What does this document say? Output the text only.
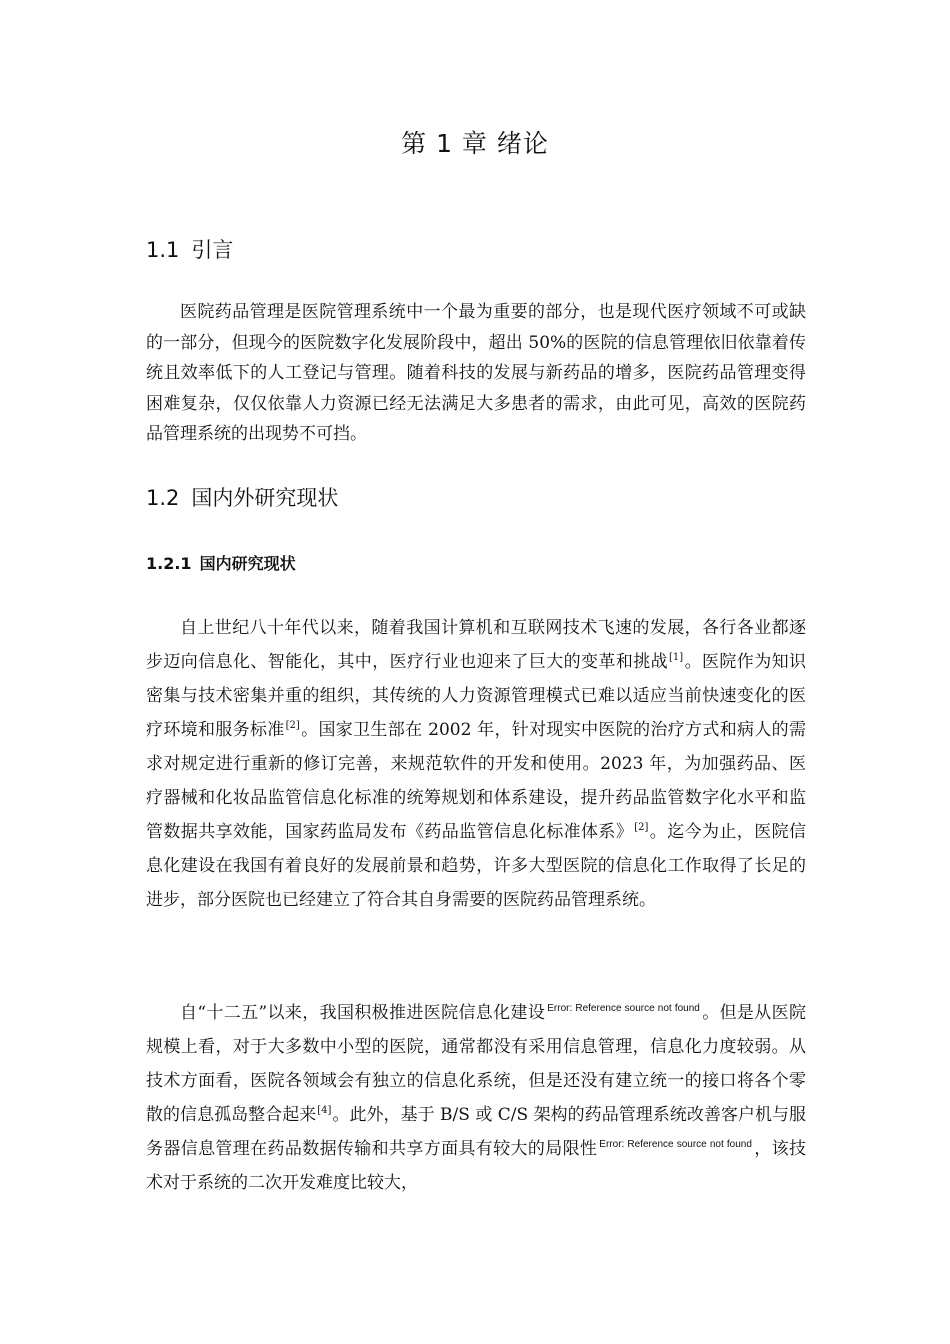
第 1 章 绪论
1.1 引言

医院药品管理是医院管理系统中一个最为重要的部分，也是现代医疗领域不可或缺的一部分，但现今的医院数字化发展阶段中，超出 50%的医院的信息管理依旧依靠着传统且效率低下的人工登记与管理。随着科技的发展与新药品的增多，医院药品管理变得困难复杂，仅仅依靠人力资源已经无法满足大多患者的需求，由此可见，高效的医院药品管理系统的出现势不可挡。

1.2 国内外研究现状
1.2.1 国内研究现状

自上世纪八十年代以来，随着我国计算机和互联网技术飞速的发展，各行各业都逐步迈向信息化、智能化，其中，医疗行业也迎来了巨大的变革和挑战[1]。医院作为知识密集与技术密集并重的组织，其传统的人力资源管理模式已难以适应当前快速变化的医疗环境和服务标准[2]。国家卫生部在 2002 年，针对现实中医院的治疗方式和病人的需求对规定进行重新的修订完善，来规范软件的开发和使用。2023 年，为加强药品、医疗器械和化妆品监管信息化标准的统筹规划和体系建设，提升药品监管数字化水平和监管数据共享效能，国家药监局发布《药品监管信息化标准体系》[2]。迄今为止，医院信息化建设在我国有着良好的发展前景和趋势，许多大型医院的信息化工作取得了长足的进步，部分医院也已经建立了符合其自身需要的医院药品管理系统。

自“十二五”以来，我国积极推进医院信息化建设 $^{Error: Reference source not found}$ 。但是从医院规模上看，对于大多数中小型的医院，通常都没有采用信息管理，信息化力度较弱。从技术方面看，医院各领域会有独立的信息化系统，但是还没有建立统一的接口将各个零散的信息孤岛整合起来[4]。此外，基于 B/S 或 C/S 架构的药品管理系统改善客户机与服务器信息管理在药品数据传输和共享方面具有较大的局限性 $^{Error: Reference source not found}$ ，该技术对于系统的二次开发难度比较大，
